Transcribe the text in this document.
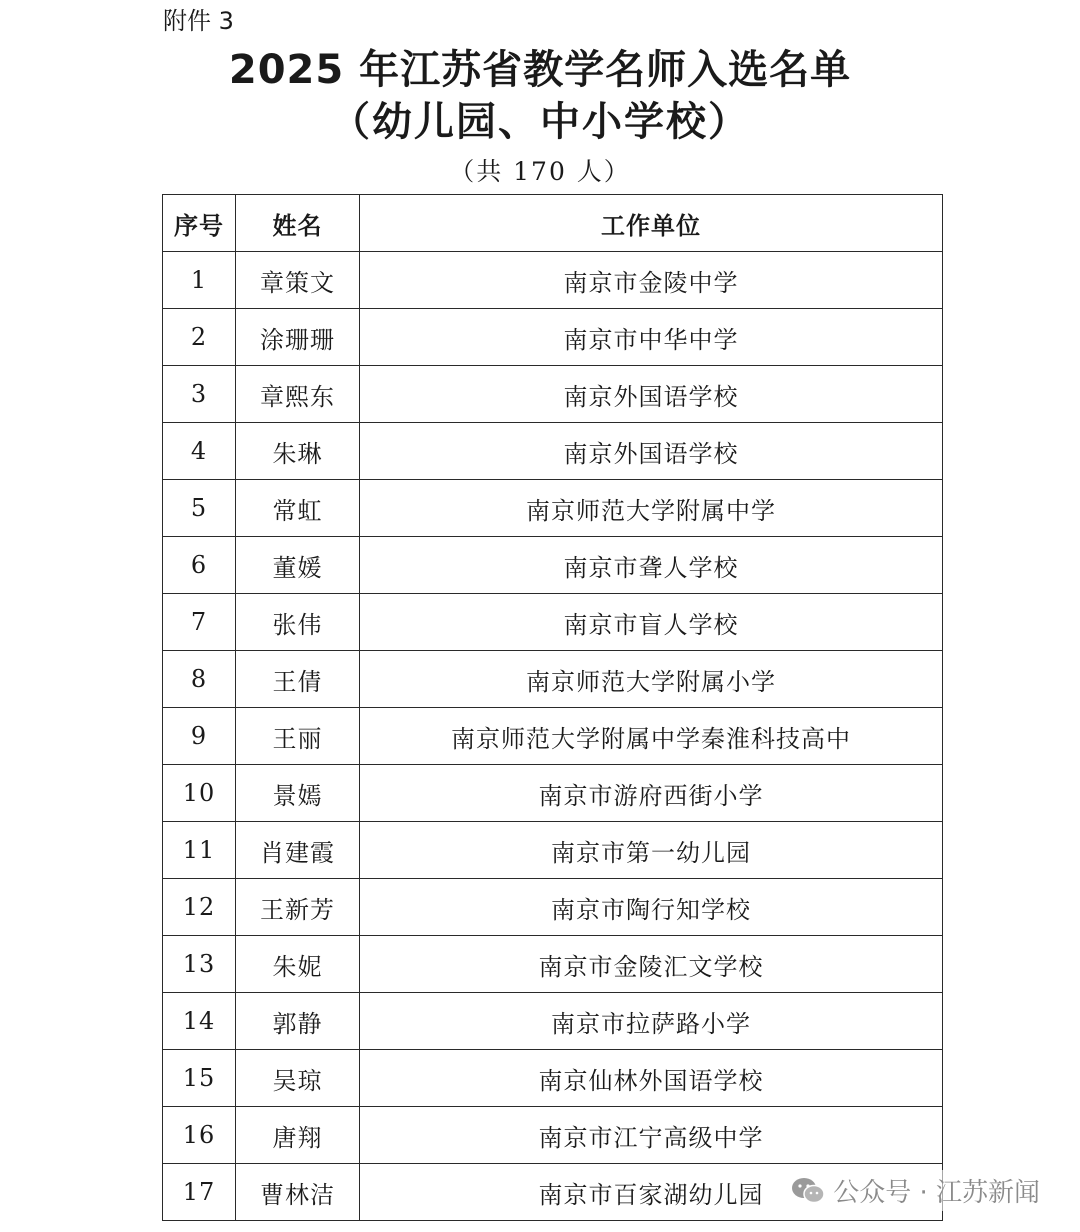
附件 3
2025 年江苏省教学名师入选名单
（幼儿园、中小学校）
（共 170 人）
序号	姓名	工作单位
1	章策文	南京市金陵中学
2	涂珊珊	南京市中华中学
3	章熙东	南京外国语学校
4	朱琳	南京外国语学校
5	常虹	南京师范大学附属中学
6	董媛	南京市聋人学校
7	张伟	南京市盲人学校
8	王倩	南京师范大学附属小学
9	王丽	南京师范大学附属中学秦淮科技高中
10	景嫣	南京市游府西街小学
11	肖建霞	南京市第一幼儿园
12	王新芳	南京市陶行知学校
13	朱妮	南京市金陵汇文学校
14	郭静	南京市拉萨路小学
15	吴琼	南京仙林外国语学校
16	唐翔	南京市江宁高级中学
17	曹林洁	南京市百家湖幼儿园	公众号 · 江苏新闻
